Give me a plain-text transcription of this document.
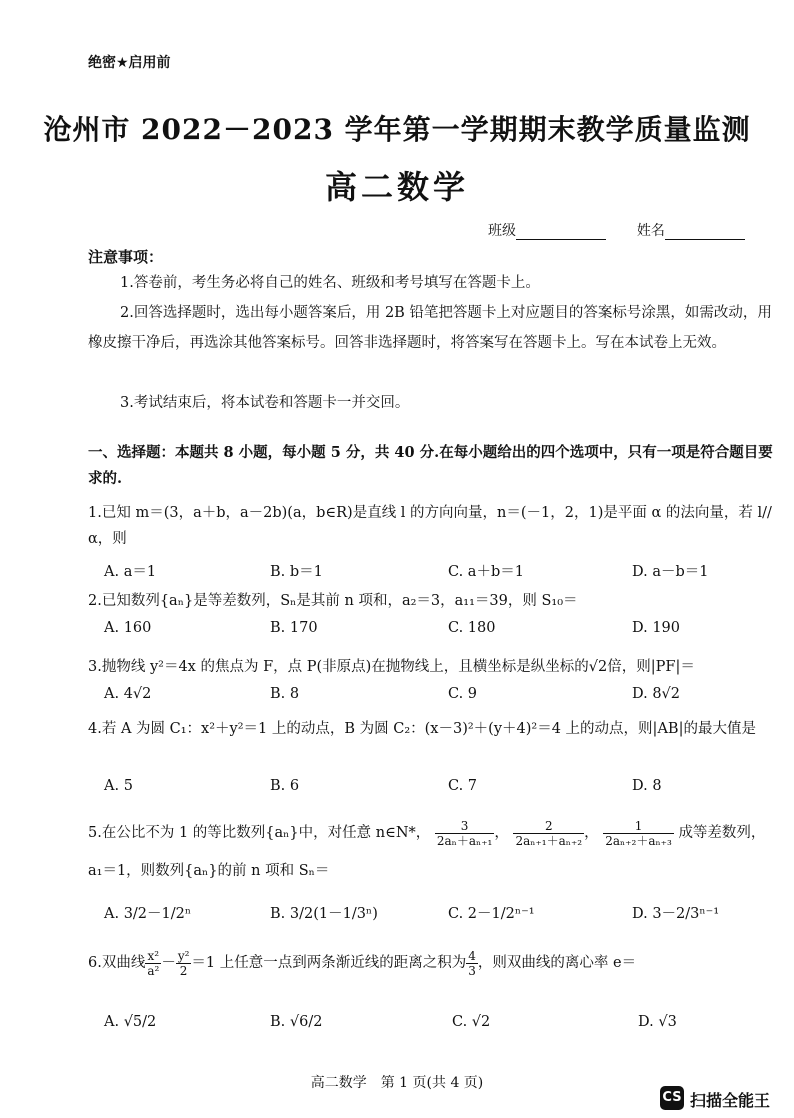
绝密★启用前
沧州市 2022－2023 学年第一学期期末教学质量监测
高二数学
班级	姓名
注意事项：
1.答卷前，考生务必将自己的姓名、班级和考号填写在答题卡上。
2.回答选择题时，选出每小题答案后，用 2B 铅笔把答题卡上对应题目的答案标号涂黑，如需改动，用橡皮擦干净后，再选涂其他答案标号。回答非选择题时，将答案写在答题卡上。写在本试卷上无效。
3.考试结束后，将本试卷和答题卡一并交回。
一、选择题：本题共 8 小题，每小题 5 分，共 40 分.在每小题给出的四个选项中，只有一项是符合题目要求的.
1.已知 m＝(3，a＋b，a－2b)(a，b∈R)是直线 l 的方向向量，n＝(－1，2，1)是平面 α 的法向量，若 l//α，则
A. a＝1	B. b＝1	C. a＋b＝1	D. a－b＝1
2.已知数列{aₙ}是等差数列，Sₙ是其前 n 项和，a₂＝3，a₁₁＝39，则 S₁₀＝
A. 160	B. 170	C. 180	D. 190
3.抛物线 y²＝4x 的焦点为 F，点 P(非原点)在抛物线上，且横坐标是纵坐标的√2倍，则|PF|＝
A. 4√2	B. 8	C. 9	D. 8√2
4.若 A 为圆 C₁：x²＋y²＝1 上的动点，B 为圆 C₂：(x－3)²＋(y＋4)²＝4 上的动点，则|AB|的最大值是
A. 5	B. 6	C. 7	D. 8
5.在公比不为 1 的等比数列{aₙ}中，对任意 n∈N*， $\frac{3}{\text{2aₙ＋aₙ₊₁}}$ ， $\frac{2}{\text{2aₙ₊₁＋aₙ₊₂}}$ ， $\frac{1}{\text{2aₙ₊₂＋aₙ₊₃}}$ 成等差数列，a₁＝1，则数列{aₙ}的前 n 项和 Sₙ＝
A. 3/2－1/2ⁿ	B. 3/2(1－1/3ⁿ)	C. 2－1/2ⁿ⁻¹	D. 3－2/3ⁿ⁻¹
6.双曲线 $\frac{\text{x²}}{\text{a²}} - \frac{\text{y²}}{2} =1$ 上任意一点到两条渐近线的距离之积为 $\frac{4}{3}$ ，则双曲线的离心率 e＝
A. √5/2	B. √6/2	C. √2	D. √3
高二数学　第 1 页(共 4 页)
CS 扫描全能王
